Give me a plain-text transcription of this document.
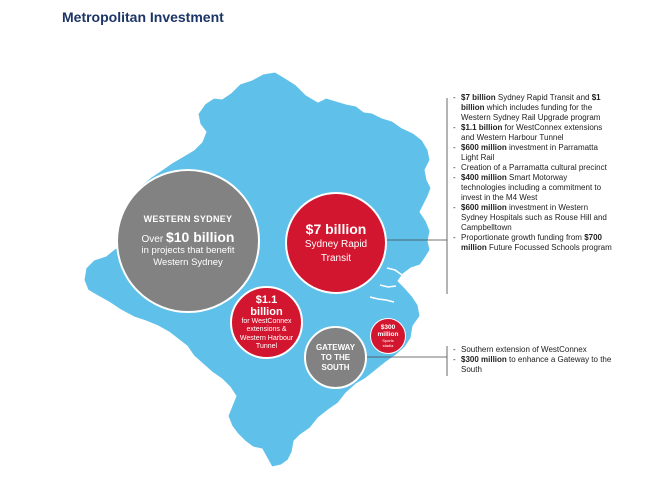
Metropolitan Investment
WESTERN SYDNEY
Over $10 billion
in projects that benefit
Western Sydney
$7 billion
Sydney Rapid
Transit
$1.1
billion
for WestConnex
extensions &
Western Harbour
Tunnel	GATEWAY
TO THE
SOUTH
$300
million
Sports
stadia
- $7 billion Sydney Rapid Transit and $1 billion which includes funding for the Western Sydney Rail Upgrade program
- $1.1 billion for WestConnex extensions and Western Harbour Tunnel
- $600 million investment in Parramatta Light Rail
- Creation of a Parramatta cultural precinct
- $400 million Smart Motorway technologies including a commitment to invest in the M4 West
- $600 million investment in Western Sydney Hospitals such as Rouse Hill and Campbelltown
- Proportionate growth funding from $700 million Future Focussed Schools program
- Southern extension of WestConnex
- $300 million to enhance a Gateway to the South
